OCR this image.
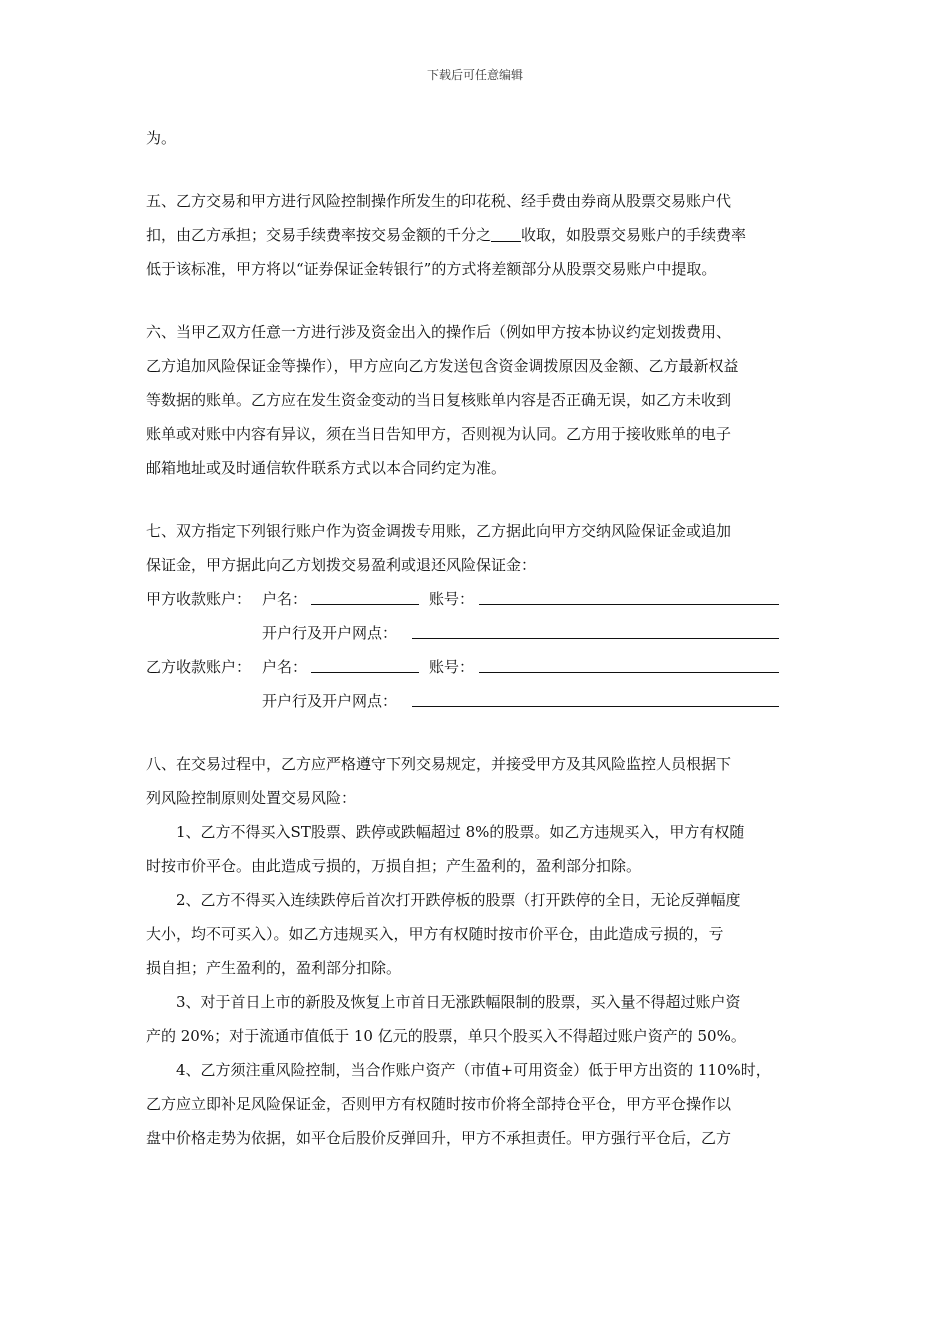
下载后可任意编辑

为。

五、乙方交易和甲方进行风险控制操作所发生的印花税、经手费由券商从股票交易账户代

扣，由乙方承担；交易手续费率按交易金额的千分之 收取，如股票交易账户的手续费率

低于该标准，甲方将以“证券保证金转银行”的方式将差额部分从股票交易账户中提取。

六、当甲乙双方任意一方进行涉及资金出入的操作后（例如甲方按本协议约定划拨费用、

乙方追加风险保证金等操作），甲方应向乙方发送包含资金调拨原因及金额、乙方最新权益

等数据的账单。乙方应在发生资金变动的当日复核账单内容是否正确无误，如乙方未收到

账单或对账中内容有异议，须在当日告知甲方，否则视为认同。乙方用于接收账单的电子

邮箱地址或及时通信软件联系方式以本合同约定为准。

七、双方指定下列银行账户作为资金调拨专用账，乙方据此向甲方交纳风险保证金或追加

保证金，甲方据此向乙方划拨交易盈利或退还风险保证金：

甲方收款账户： 户名：	账号：
开户行及开户网点：
乙方收款账户： 户名：	账号：
开户行及开户网点：

八、在交易过程中，乙方应严格遵守下列交易规定，并接受甲方及其风险监控人员根据下

列风险控制原则处置交易风险：

1、乙方不得买入ST股票、跌停或跌幅超过 8%的股票。如乙方违规买入，甲方有权随

时按市价平仓。由此造成亏损的，万损自担；产生盈利的，盈利部分扣除。

2、乙方不得买入连续跌停后首次打开跌停板的股票（打开跌停的全日，无论反弹幅度

大小，均不可买入）。如乙方违规买入，甲方有权随时按市价平仓，由此造成亏损的，亏

损自担；产生盈利的，盈利部分扣除。

3、对于首日上市的新股及恢复上市首日无涨跌幅限制的股票，买入量不得超过账户资

产的 20%；对于流通市值低于 10 亿元的股票，单只个股买入不得超过账户资产的 50%。

4、乙方须注重风险控制，当合作账户资产（市值+可用资金）低于甲方出资的 110%时，

乙方应立即补足风险保证金，否则甲方有权随时按市价将全部持仓平仓，甲方平仓操作以

盘中价格走势为依据，如平仓后股价反弹回升，甲方不承担责任。甲方强行平仓后，乙方
